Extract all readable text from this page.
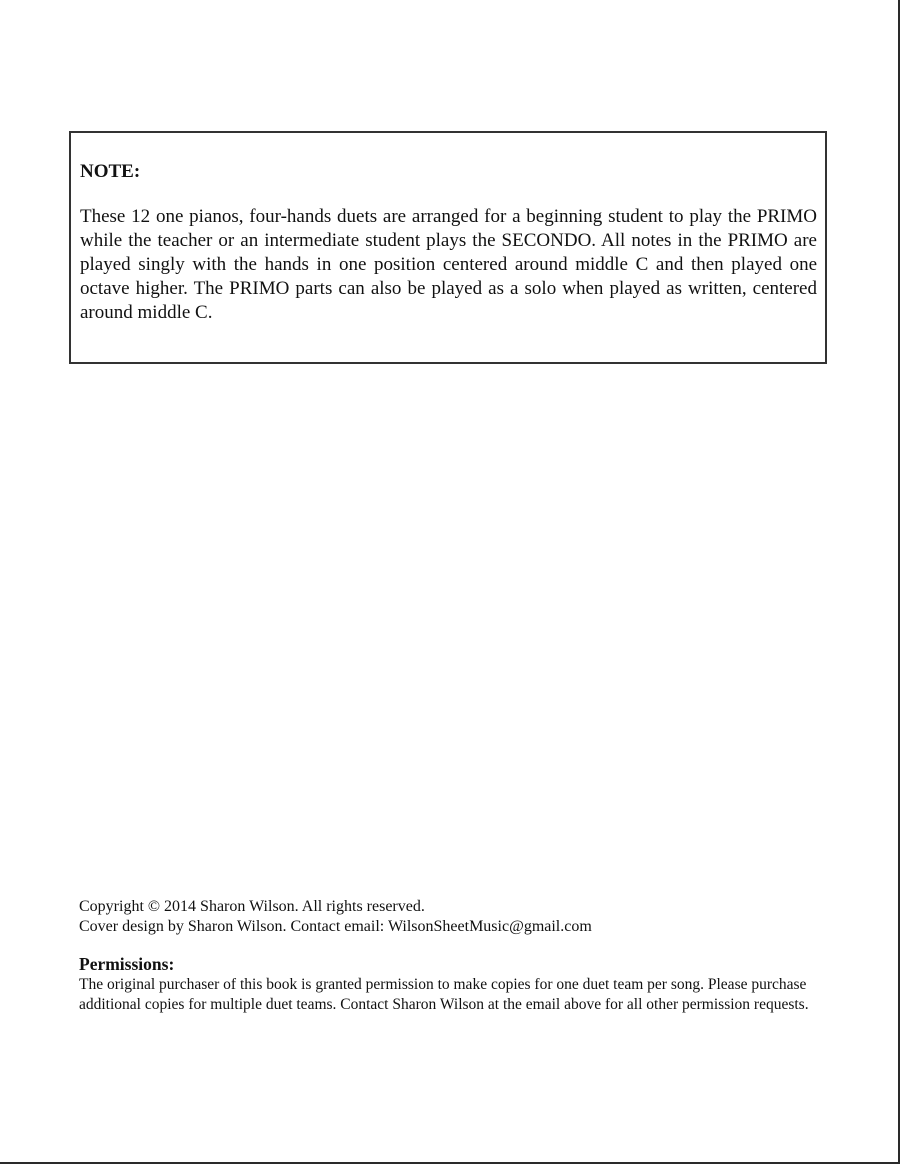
NOTE:

These 12 one pianos, four-hands duets are arranged for a beginning student to play the PRIMO while the teacher or an intermediate student plays the SECONDO. All notes in the PRIMO are played singly with the hands in one position centered around middle C and then played one octave higher. The PRIMO parts can also be played as a solo when played as written, centered around middle C.

Copyright © 2014 Sharon Wilson. All rights reserved.

Cover design by Sharon Wilson. Contact email: WilsonSheetMusic@gmail.com

Permissions:

The original purchaser of this book is granted permission to make copies for one duet team per song. Please purchase additional copies for multiple duet teams. Contact Sharon Wilson at the email above for all other permission requests.
